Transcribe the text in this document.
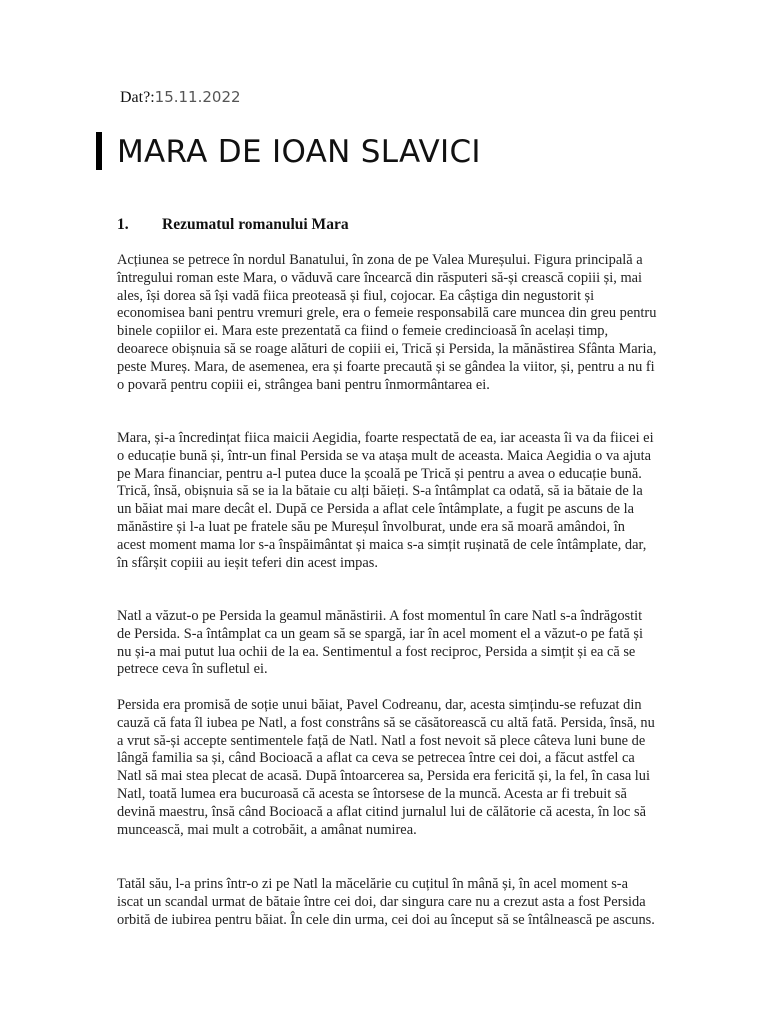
Dat?:15.11.2022
MARA DE IOAN SLAVICI
1. Rezumatul romanului Mara

Acțiunea se petrece în nordul Banatului, în zona de pe Valea Mureșului. Figura principală a întregului roman este Mara, o văduvă care încearcă din răsputeri să-și crească copiii și, mai ales, își dorea să își vadă fiica preoteasă și fiul, cojocar. Ea câștiga din negustorit și economisea bani pentru vremuri grele, era o femeie responsabilă care muncea din greu pentru binele copiilor ei. Mara este prezentată ca fiind o femeie credincioasă în același timp, deoarece obișnuia să se roage alături de copiii ei, Trică și Persida, la mănăstirea Sfânta Maria, peste Mureș. Mara, de asemenea, era și foarte precaută și se gândea la viitor, și, pentru a nu fi o povară pentru copiii ei, strângea bani pentru înmormântarea ei.

Mara, și-a încredințat fiica maicii Aegidia, foarte respectată de ea, iar aceasta îi va da fiicei ei o educație bună și, într-un final Persida se va atașa mult de aceasta. Maica Aegidia o va ajuta pe Mara financiar, pentru a-l putea duce la școală pe Trică și pentru a avea o educație bună. Trică, însă, obișnuia să se ia la bătaie cu alți băieți. S-a întâmplat ca odată, să ia bătaie de la un băiat mai mare decât el. După ce Persida a aflat cele întâmplate, a fugit pe ascuns de la mănăstire și l-a luat pe fratele său pe Mureșul învolburat, unde era să moară amândoi, în acest moment mama lor s-a înspăimântat și maica s-a simțit rușinată de cele întâmplate, dar, în sfârșit copiii au ieșit teferi din acest impas.

Natl a văzut-o pe Persida la geamul mănăstirii. A fost momentul în care Natl s-a îndrăgostit de Persida. S-a întâmplat ca un geam să se spargă, iar în acel moment el a văzut-o pe fată și nu și-a mai putut lua ochii de la ea. Sentimentul a fost reciproc, Persida a simțit și ea că se petrece ceva în sufletul ei.

Persida era promisă de soție unui băiat, Pavel Codreanu, dar, acesta simțindu-se refuzat din cauză că fata îl iubea pe Natl, a fost constrâns să se căsătorească cu altă fată. Persida, însă, nu a vrut să-și accepte sentimentele față de Natl. Natl a fost nevoit să plece câteva luni bune de lângă familia sa și, când Bocioacă a aflat ca ceva se petrecea între cei doi, a făcut astfel ca Natl să mai stea plecat de acasă. După întoarcerea sa, Persida era fericită și, la fel, în casa lui Natl, toată lumea era bucuroasă că acesta se întorsese de la muncă. Acesta ar fi trebuit să devină maestru, însă când Bocioacă a aflat citind jurnalul lui de călătorie că acesta, în loc să muncească, mai mult a cotrobăit, a amânat numirea.

Tatăl său, l-a prins într-o zi pe Natl la măcelărie cu cuțitul în mână și, în acel moment s-a iscat un scandal urmat de bătaie între cei doi, dar singura care nu a crezut asta a fost Persida orbită de iubirea pentru băiat. În cele din urma, cei doi au început să se întâlnească pe ascuns.
